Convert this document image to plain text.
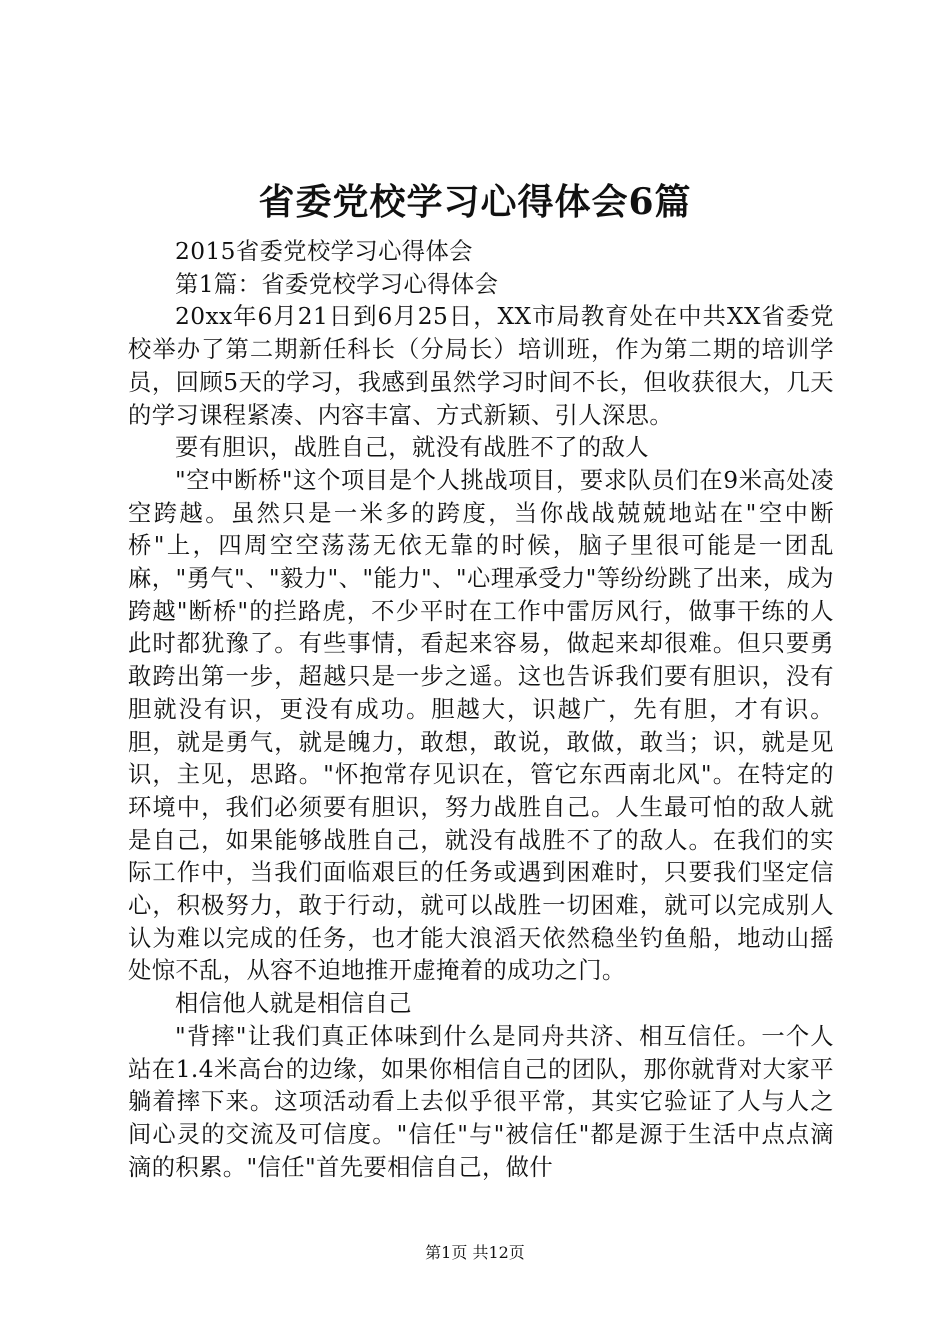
省委党校学习心得体会6篇

2015省委党校学习心得体会

第1篇：省委党校学习心得体会

20xx年6月21日到6月25日，XX市局教育处在中共XX省委党校举办了第二期新任科长（分局长）培训班，作为第二期的培训学员，回顾5天的学习，我感到虽然学习时间不长，但收获很大，几天的学习课程紧凑、内容丰富、方式新颖、引人深思。

要有胆识，战胜自己，就没有战胜不了的敌人

"空中断桥"这个项目是个人挑战项目，要求队员们在9米高处凌空跨越。虽然只是一米多的跨度，当你战战兢兢地站在"空中断桥"上，四周空空荡荡无依无靠的时候，脑子里很可能是一团乱麻，"勇气"、"毅力"、"能力"、"心理承受力"等纷纷跳了出来，成为跨越"断桥"的拦路虎，不少平时在工作中雷厉风行，做事干练的人此时都犹豫了。有些事情，看起来容易，做起来却很难。但只要勇敢跨出第一步，超越只是一步之遥。这也告诉我们要有胆识，没有胆就没有识，更没有成功。胆越大，识越广，先有胆，才有识。胆，就是勇气，就是魄力，敢想，敢说，敢做，敢当；识，就是见识，主见，思路。"怀抱常存见识在，管它东西南北风"。在特定的环境中，我们必须要有胆识，努力战胜自己。人生最可怕的敌人就是自己，如果能够战胜自己，就没有战胜不了的敌人。在我们的实际工作中，当我们面临艰巨的任务或遇到困难时，只要我们坚定信心，积极努力，敢于行动，就可以战胜一切困难，就可以完成别人认为难以完成的任务，也才能大浪滔天依然稳坐钓鱼船，地动山摇处惊不乱，从容不迫地推开虚掩着的成功之门。

相信他人就是相信自己

"背摔"让我们真正体味到什么是同舟共济、相互信任。一个人站在1.4米高台的边缘，如果你相信自己的团队，那你就背对大家平躺着摔下来。这项活动看上去似乎很平常，其实它验证了人与人之间心灵的交流及可信度。"信任"与"被信任"都是源于生活中点点滴滴的积累。"信任"首先要相信自己，做什

第1页 共12页
